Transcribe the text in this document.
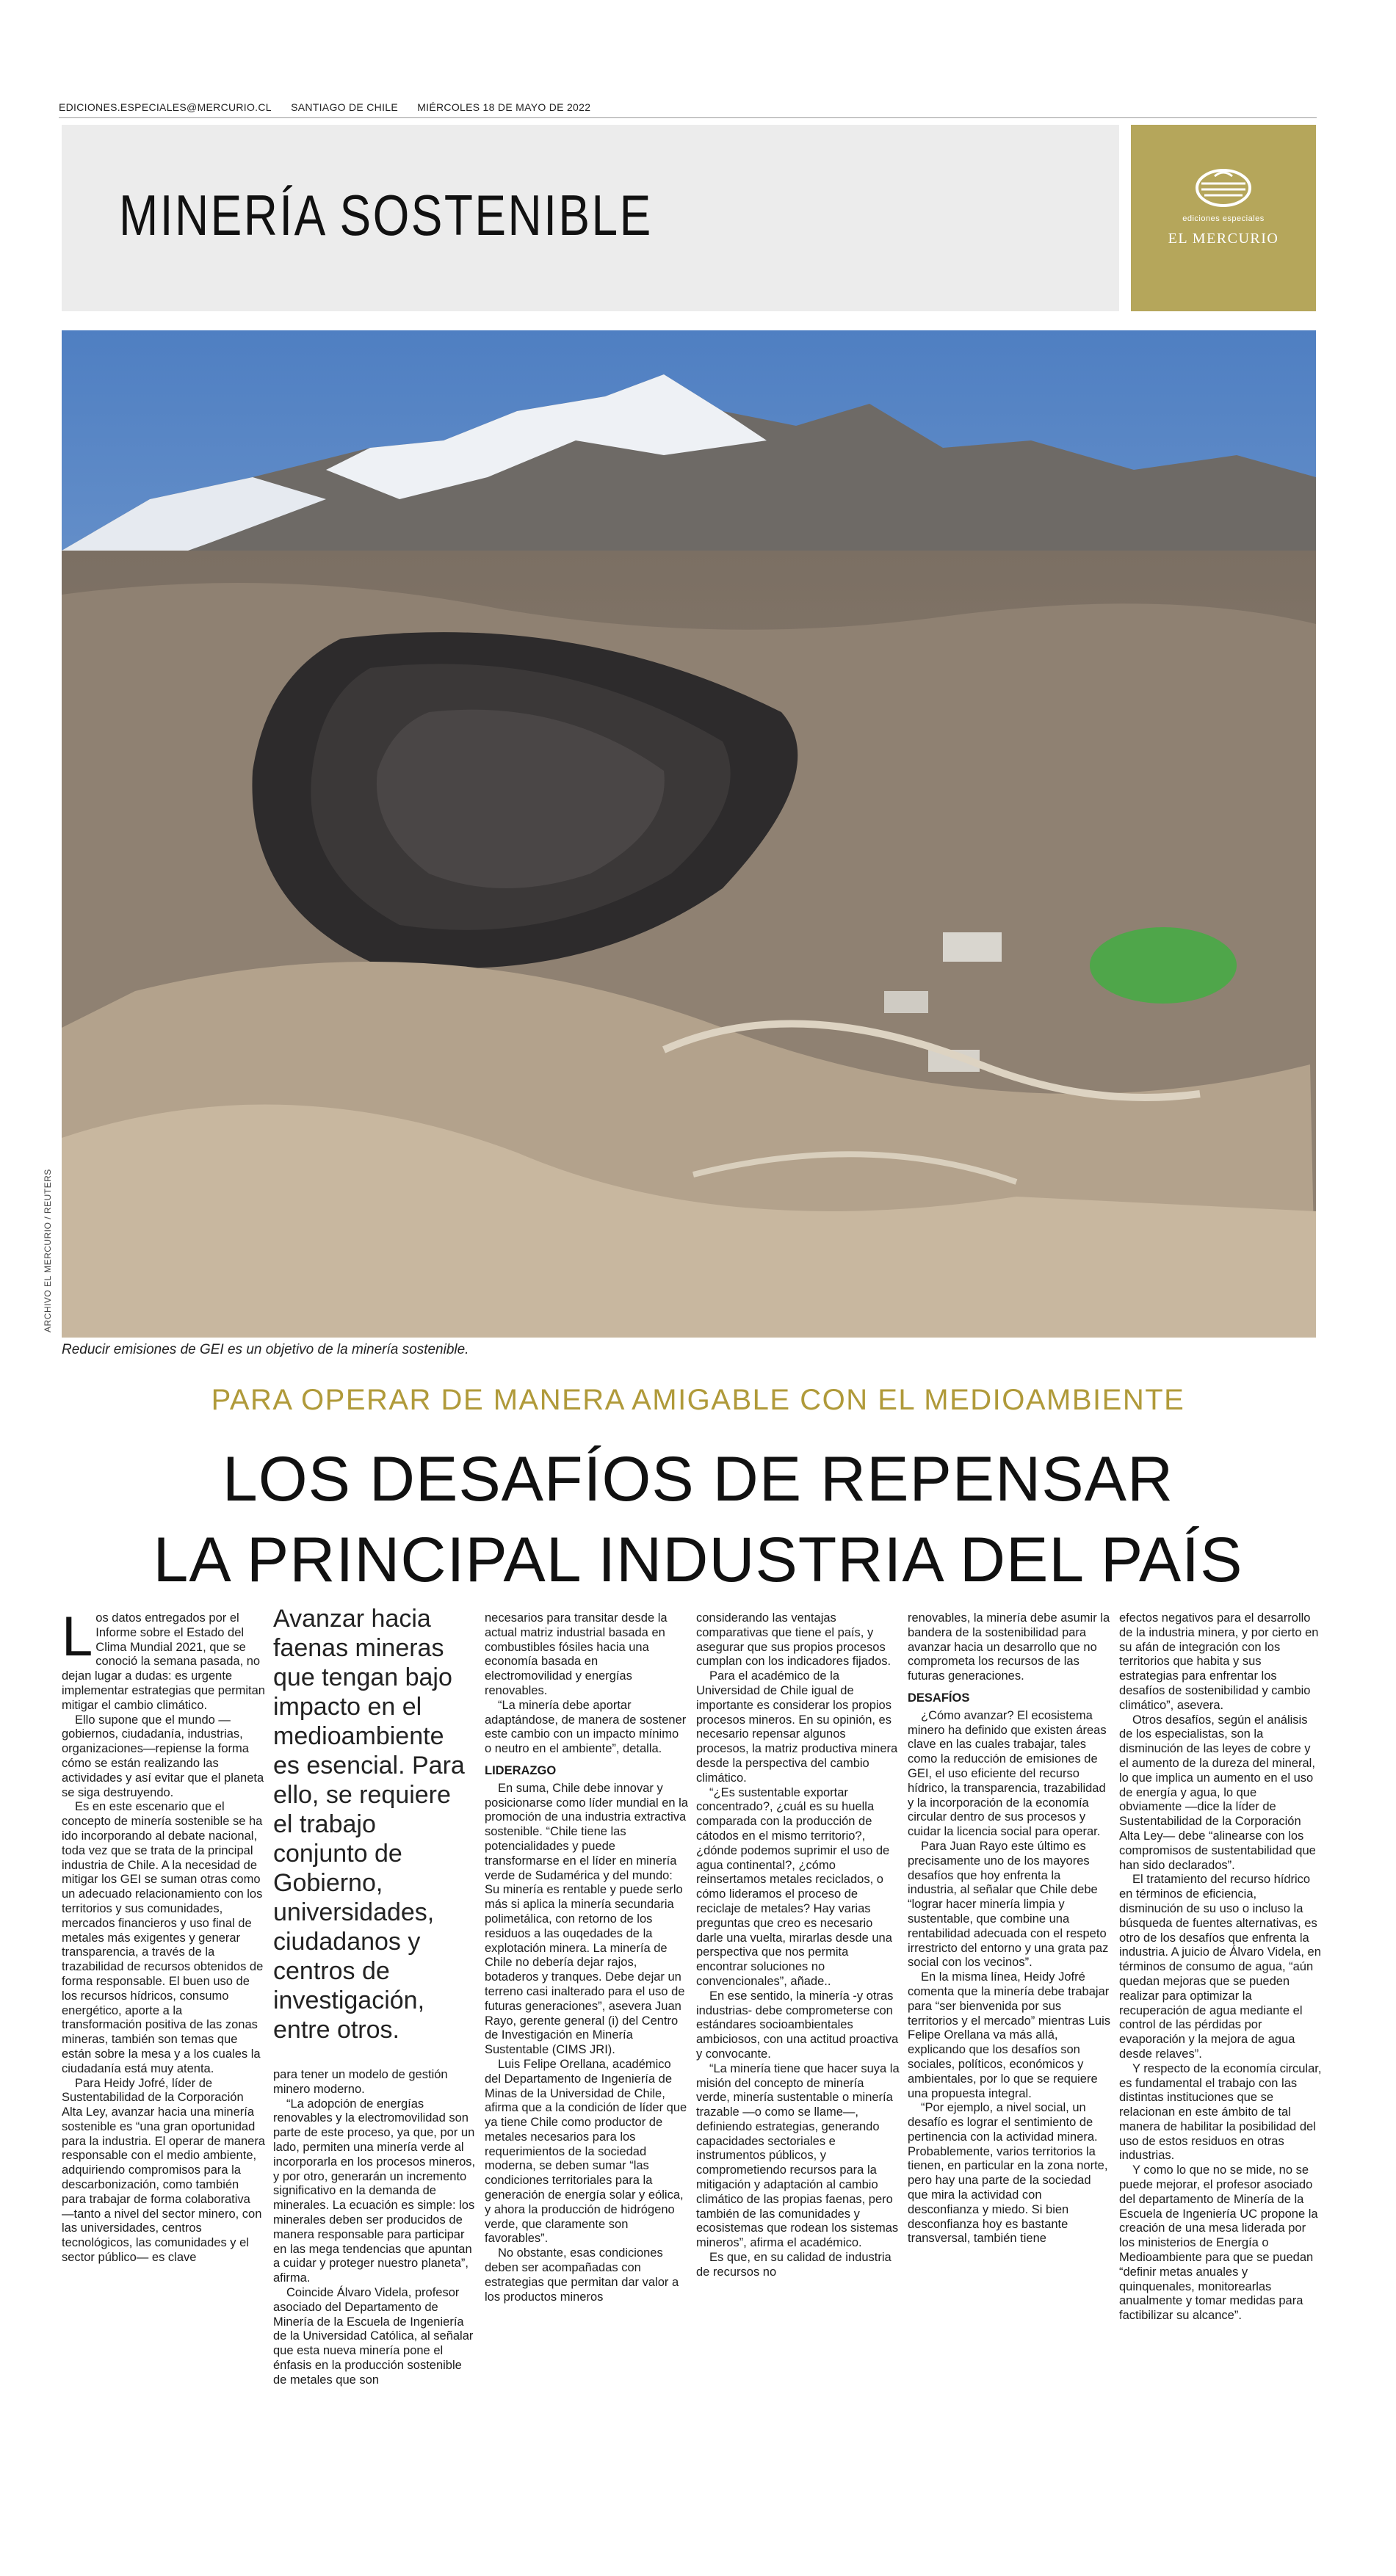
EDICIONES.ESPECIALES@MERCURIO.CL SANTIAGO DE CHILE MIÉRCOLES 18 DE MAYO DE 2022
MINERÍA SOSTENIBLE	ediciones especiales
EL MERCURIO
ARCHIVO EL MERCURIO / REUTERS
Reducir emisiones de GEI es un objetivo de la minería sostenible.
PARA OPERAR DE MANERA AMIGABLE CON EL MEDIOAMBIENTE
LOS DESAFÍOS DE REPENSAR
LA PRINCIPAL INDUSTRIA DEL PAÍS

Los datos entregados por el Informe sobre el Estado del Clima Mundial 2021, que se conoció la semana pasada, no dejan lugar a dudas: es urgente implementar estrategias que permitan mitigar el cambio climático.

Ello supone que el mundo —gobiernos, ciudadanía, industrias, organizaciones—repiense la forma cómo se están realizando las actividades y así evitar que el planeta se siga destruyendo.

Es en este escenario que el concepto de minería sostenible se ha ido incorporando al debate nacional, toda vez que se trata de la principal industria de Chile. A la necesidad de mitigar los GEI se suman otras como un adecuado relacionamiento con los territorios y sus comunidades, mercados financieros y uso final de metales más exigentes y generar transparencia, a través de la trazabilidad de recursos obtenidos de forma responsable. El buen uso de los recursos hídricos, consumo energético, aporte a la transformación positiva de las zonas mineras, también son temas que están sobre la mesa y a los cuales la ciudadanía está muy atenta.

Para Heidy Jofré, líder de Sustentabilidad de la Corporación Alta Ley, avanzar hacia una minería sostenible es “una gran oportunidad para la industria. El operar de manera responsable con el medio ambiente, adquiriendo compromisos para la descarbonización, como también para trabajar de forma colaborativa —tanto a nivel del sector minero, con las universidades, centros tecnológicos, las comunidades y el sector público— es clave

Avanzar hacia faenas mineras que tengan bajo impacto en el medioambiente es esencial. Para ello, se requiere el trabajo conjunto de Gobierno, universidades, ciudadanos y centros de investigación, entre otros.

para tener un modelo de gestión minero moderno.

“La adopción de energías renovables y la electromovilidad son parte de este proceso, ya que, por un lado, permiten una minería verde al incorporarla en los procesos mineros, y por otro, generarán un incremento significativo en la demanda de minerales. La ecuación es simple: los minerales deben ser producidos de manera responsable para participar en las mega tendencias que apuntan a cuidar y proteger nuestro planeta”, afirma.

Coincide Álvaro Videla, profesor asociado del Departamento de Minería de la Escuela de Ingeniería de la Universidad Católica, al señalar que esta nueva minería pone el énfasis en la producción sostenible de metales que son

necesarios para transitar desde la actual matriz industrial basada en combustibles fósiles hacia una economía basada en electromovilidad y energías renovables.

“La minería debe aportar adaptándose, de manera de sostener este cambio con un impacto mínimo o neutro en el ambiente”, detalla.

LIDERAZGO

En suma, Chile debe innovar y posicionarse como líder mundial en la promoción de una industria extractiva sostenible. “Chile tiene las potencialidades y puede transformarse en el líder en minería verde de Sudamérica y del mundo: Su minería es rentable y puede serlo más si aplica la minería secundaria polimetálica, con retorno de los residuos a las ouqedades de la explotación minera. La minería de Chile no debería dejar rajos, botaderos y tranques. Debe dejar un terreno casi inalterado para el uso de futuras generaciones”, asevera Juan Rayo, gerente general (i) del Centro de Investigación en Minería Sustentable (CIMS JRI).

Luis Felipe Orellana, académico del Departamento de Ingeniería de Minas de la Universidad de Chile, afirma que a la condición de líder que ya tiene Chile como productor de metales necesarios para los requerimientos de la sociedad moderna, se deben sumar “las condiciones territoriales para la generación de energía solar y eólica, y ahora la producción de hidrógeno verde, que claramente son favorables”.

No obstante, esas condiciones deben ser acompañadas con estrategias que permitan dar valor a los productos mineros

considerando las ventajas comparativas que tiene el país, y asegurar que sus propios procesos cumplan con los indicadores fijados.

Para el académico de la Universidad de Chile igual de importante es considerar los propios procesos mineros. En su opinión, es necesario repensar algunos procesos, la matriz productiva minera desde la perspectiva del cambio climático.

“¿Es sustentable exportar concentrado?, ¿cuál es su huella comparada con la producción de cátodos en el mismo territorio?, ¿dónde podemos suprimir el uso de agua continental?, ¿cómo reinsertamos metales reciclados, o cómo lideramos el proceso de reciclaje de metales? Hay varias preguntas que creo es necesario darle una vuelta, mirarlas desde una perspectiva que nos permita encontrar soluciones no convencionales”, añade..

En ese sentido, la minería -y otras industrias- debe comprometerse con estándares socioambientales ambiciosos, con una actitud proactiva y convocante.

“La minería tiene que hacer suya la misión del concepto de minería verde, minería sustentable o minería trazable —o como se llame—, definiendo estrategias, generando capacidades sectoriales e instrumentos públicos, y comprometiendo recursos para la mitigación y adaptación al cambio climático de las propias faenas, pero también de las comunidades y ecosistemas que rodean los sistemas mineros”, afirma el académico.

Es que, en su calidad de industria de recursos no

renovables, la minería debe asumir la bandera de la sostenibilidad para avanzar hacia un desarrollo que no comprometa los recursos de las futuras generaciones.

DESAFÍOS

¿Cómo avanzar? El ecosistema minero ha definido que existen áreas clave en las cuales trabajar, tales como la reducción de emisiones de GEI, el uso eficiente del recurso hídrico, la transparencia, trazabilidad y la incorporación de la economía circular dentro de sus procesos y cuidar la licencia social para operar.

Para Juan Rayo este último es precisamente uno de los mayores desafíos que hoy enfrenta la industria, al señalar que Chile debe “lograr hacer minería limpia y sustentable, que combine una rentabilidad adecuada con el respeto irrestricto del entorno y una grata paz social con los vecinos”.

En la misma línea, Heidy Jofré comenta que la minería debe trabajar para “ser bienvenida por sus territorios y el mercado” mientras Luis Felipe Orellana va más allá, explicando que los desafíos son sociales, políticos, económicos y ambientales, por lo que se requiere una propuesta integral.

“Por ejemplo, a nivel social, un desafío es lograr el sentimiento de pertinencia con la actividad minera. Probablemente, varios territorios la tienen, en particular en la zona norte, pero hay una parte de la sociedad que mira la actividad con desconfianza y miedo. Si bien desconfianza hoy es bastante transversal, también tiene

efectos negativos para el desarrollo de la industria minera, y por cierto en su afán de integración con los territorios que habita y sus estrategias para enfrentar los desafíos de sostenibilidad y cambio climático”, asevera.

Otros desafíos, según el análisis de los especialistas, son la disminución de las leyes de cobre y el aumento de la dureza del mineral, lo que implica un aumento en el uso de energía y agua, lo que obviamente —dice la líder de Sustentabilidad de la Corporación Alta Ley— debe “alinearse con los compromisos de sustentabilidad que han sido declarados”.

El tratamiento del recurso hídrico en términos de eficiencia, disminución de su uso o incluso la búsqueda de fuentes alternativas, es otro de los desafíos que enfrenta la industria. A juicio de Álvaro Videla, en términos de consumo de agua, “aún quedan mejoras que se pueden realizar para optimizar la recuperación de agua mediante el control de las pérdidas por evaporación y la mejora de agua desde relaves”.

Y respecto de la economía circular, es fundamental el trabajo con las distintas instituciones que se relacionan en este ámbito de tal manera de habilitar la posibilidad del uso de estos residuos en otras industrias.

Y como lo que no se mide, no se puede mejorar, el profesor asociado del departamento de Minería de la Escuela de Ingeniería UC propone la creación de una mesa liderada por los ministerios de Energía o Medioambiente para que se puedan “definir metas anuales y quinquenales, monitorearlas anualmente y tomar medidas para factibilizar su alcance”.
